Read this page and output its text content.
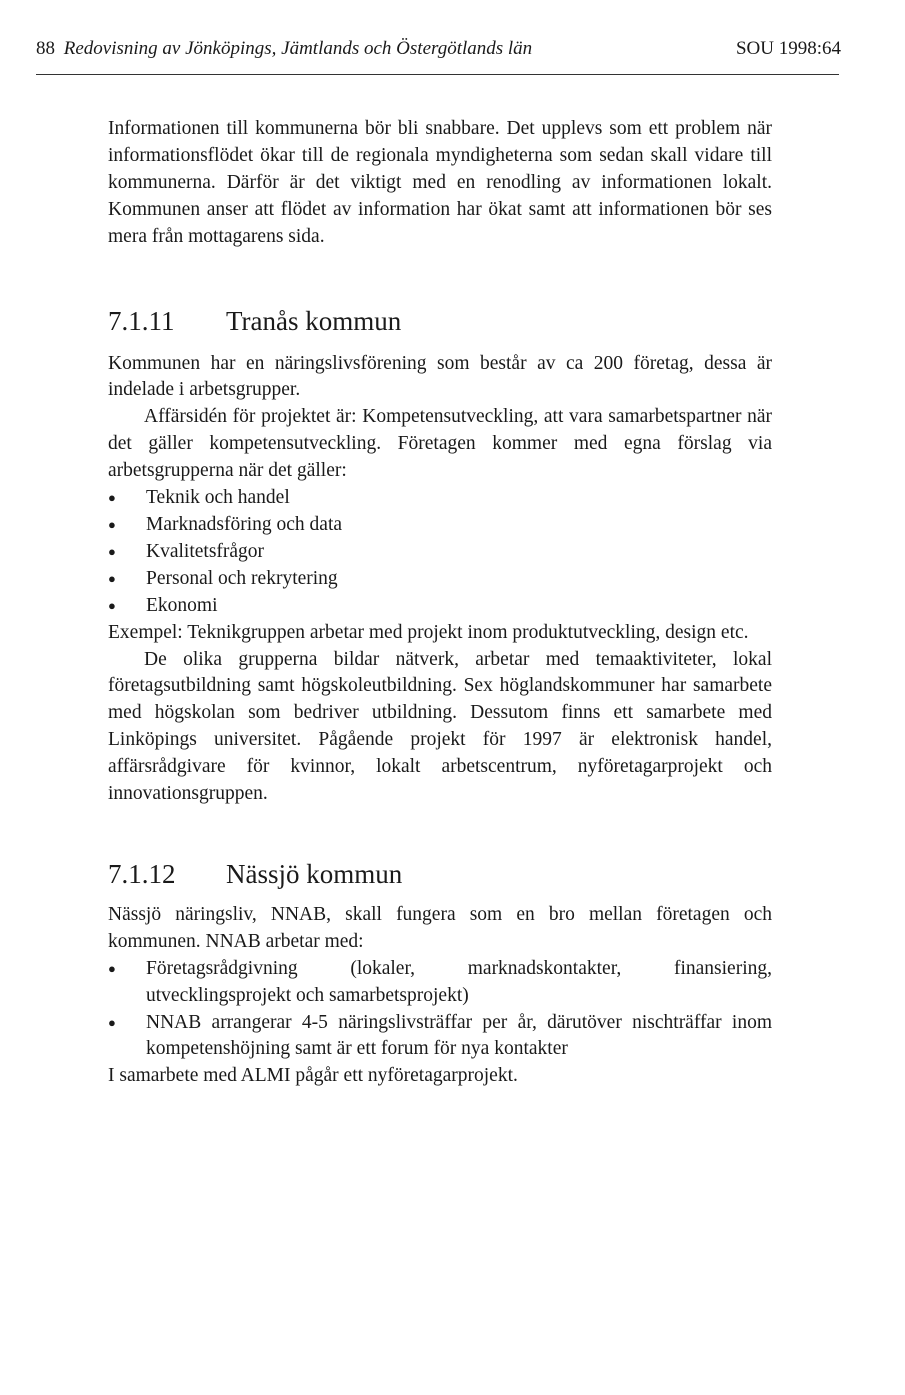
88 Redovisning av Jönköpings, Jämtlands och Östergötlands län	SOU 1998:64

Informationen till kommunerna bör bli snabbare. Det upplevs som ett problem när informationsflödet ökar till de regionala myndigheterna som sedan skall vidare till kommunerna. Därför är det viktigt med en renodling av informationen lokalt. Kommunen anser att flödet av information har ökat samt att informationen bör ses mera från mottagarens sida.

7.1.11 Tranås kommun

Kommunen har en näringslivsförening som består av ca 200 företag, dessa är indelade i arbetsgrupper.

Affärsidén för projektet är: Kompetensutveckling, att vara samarbetspartner när det gäller kompetensutveckling. Företagen kommer med egna förslag via arbetsgrupperna när det gäller:

● Teknik och handel
● Marknadsföring och data
● Kvalitetsfrågor
● Personal och rekrytering
● Ekonomi

Exempel: Teknikgruppen arbetar med projekt inom produktutveckling, design etc.

De olika grupperna bildar nätverk, arbetar med temaaktiviteter, lokal företagsutbildning samt högskoleutbildning. Sex höglandskommuner har samarbete med högskolan som bedriver utbildning. Dessutom finns ett samarbete med Linköpings universitet. Pågående projekt för 1997 är elektronisk handel, affärsrådgivare för kvinnor, lokalt arbetscentrum, nyföretagarprojekt och innovationsgruppen.

7.1.12 Nässjö kommun

Nässjö näringsliv, NNAB, skall fungera som en bro mellan företagen och kommunen. NNAB arbetar med:

● Företagsrådgivning (lokaler, marknadskontakter, finansiering, utvecklingsprojekt och samarbetsprojekt)
● NNAB arrangerar 4-5 näringslivsträffar per år, därutöver nischträffar inom kompetenshöjning samt är ett forum för nya kontakter

I samarbete med ALMI pågår ett nyföretagarprojekt.
